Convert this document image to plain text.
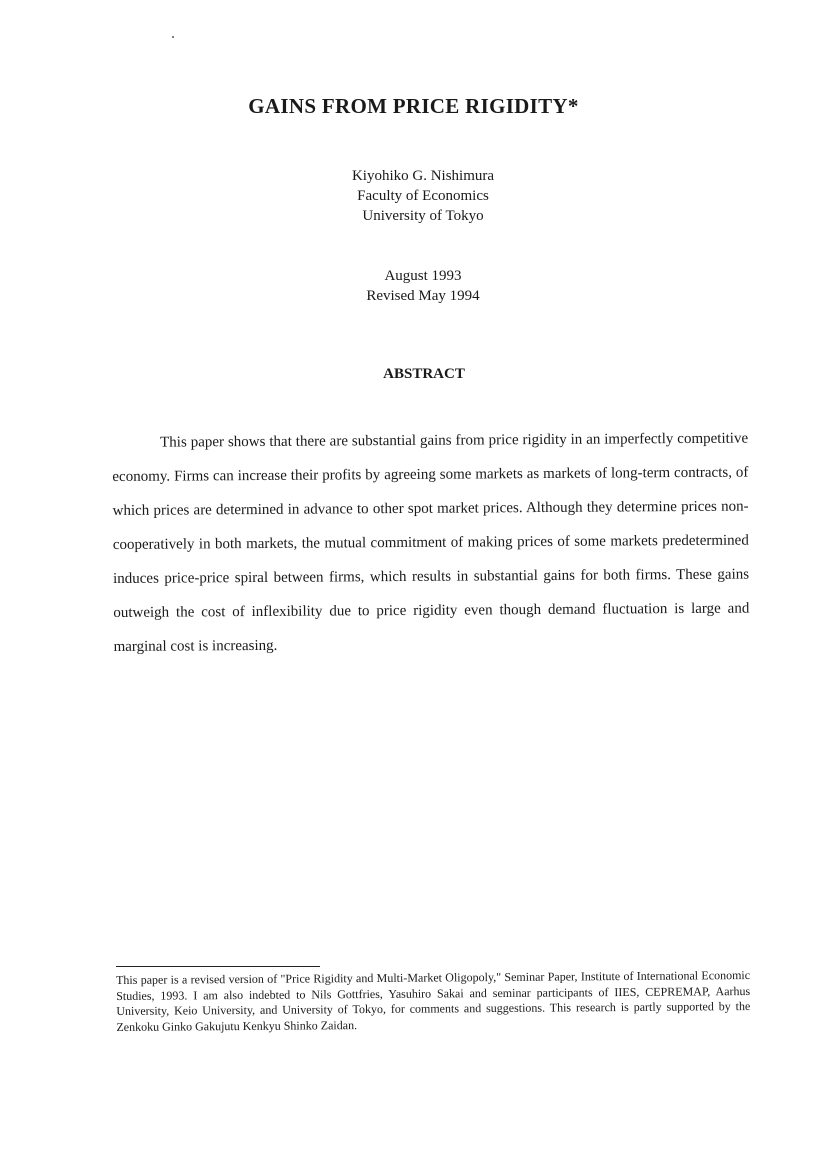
GAINS FROM PRICE RIGIDITY*
Kiyohiko G. Nishimura
Faculty of Economics
University of Tokyo
August 1993
Revised May 1994
ABSTRACT

This paper shows that there are substantial gains from price rigidity in an imperfectly competitive economy. Firms can increase their profits by agreeing some markets as markets of long-term contracts, of which prices are determined in advance to other spot market prices. Although they determine prices non-cooperatively in both markets, the mutual commitment of making prices of some markets predetermined induces price-price spiral between firms, which results in substantial gains for both firms. These gains outweigh the cost of inflexibility due to price rigidity even though demand fluctuation is large and marginal cost is increasing.

This paper is a revised version of "Price Rigidity and Multi-Market Oligopoly," Seminar Paper, Institute of International Economic Studies, 1993. I am also indebted to Nils Gottfries, Yasuhiro Sakai and seminar participants of IIES, CEPREMAP, Aarhus University, Keio University, and University of Tokyo, for comments and suggestions. This research is partly supported by the Zenkoku Ginko Gakujutu Kenkyu Shinko Zaidan.
